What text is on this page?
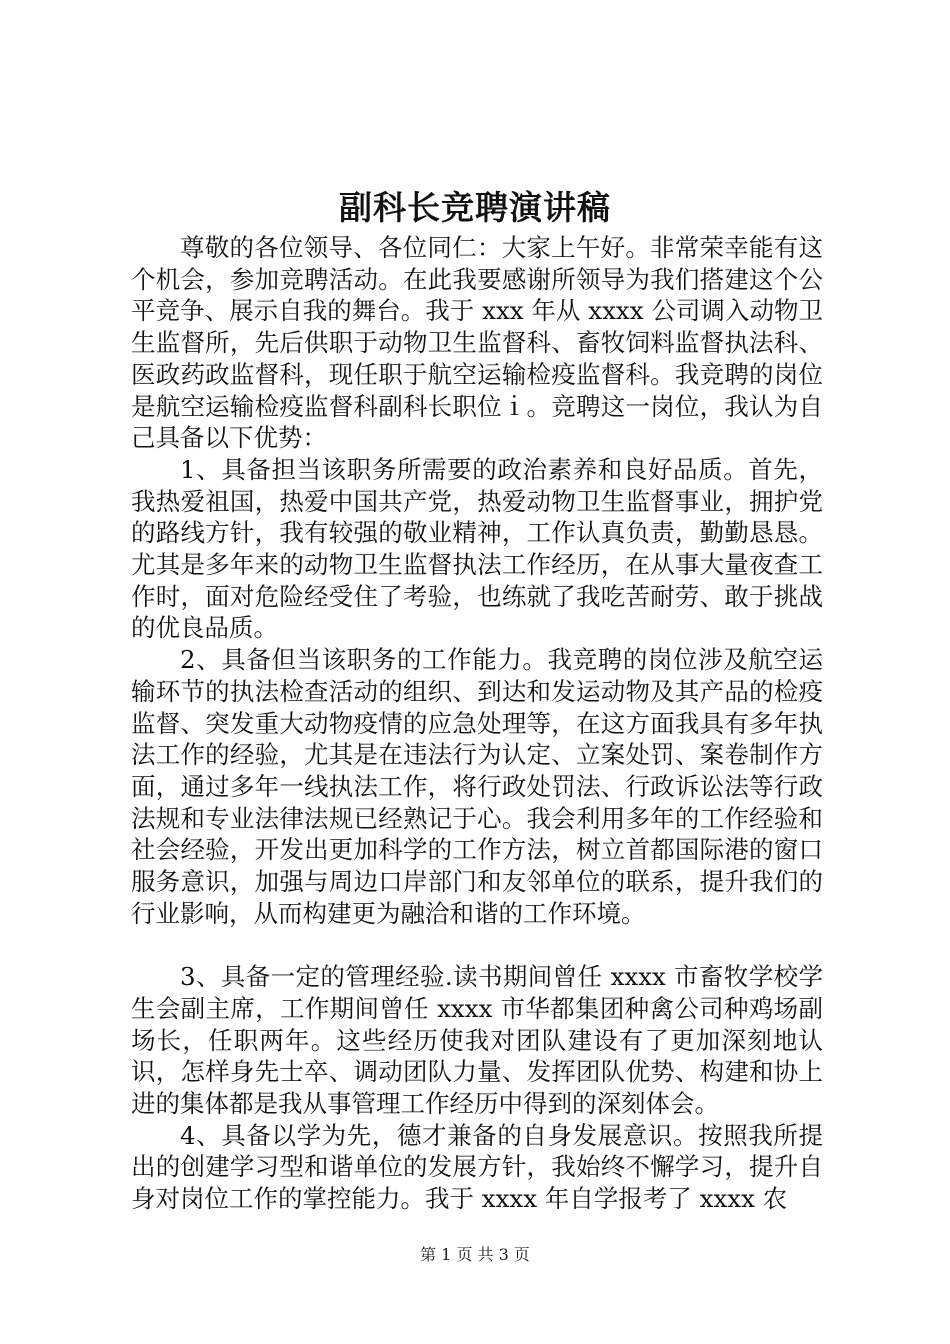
副科长竞聘演讲稿

尊敬的各位领导、各位同仁：大家上午好。非常荣幸能有这个机会，参加竞聘活动。在此我要感谢所领导为我们搭建这个公平竞争、展示自我的舞台。我于 xxx 年从 xxxx 公司调入动物卫生监督所，先后供职于动物卫生监督科、畜牧饲料监督执法科、医政药政监督科，现任职于航空运输检疫监督科。我竞聘的岗位是航空运输检疫监督科副科长职位ｉ。竞聘这一岗位，我认为自己具备以下优势：

1、具备担当该职务所需要的政治素养和良好品质。首先，我热爱祖国，热爱中国共产党，热爱动物卫生监督事业，拥护党的路线方针，我有较强的敬业精神，工作认真负责，勤勤恳恳。尤其是多年来的动物卫生监督执法工作经历，在从事大量夜查工作时，面对危险经受住了考验，也练就了我吃苦耐劳、敢于挑战的优良品质。

2、具备但当该职务的工作能力。我竞聘的岗位涉及航空运输环节的执法检查活动的组织、到达和发运动物及其产品的检疫监督、突发重大动物疫情的应急处理等，在这方面我具有多年执法工作的经验，尤其是在违法行为认定、立案处罚、案卷制作方面，通过多年一线执法工作，将行政处罚法、行政诉讼法等行政法规和专业法律法规已经熟记于心。我会利用多年的工作经验和社会经验，开发出更加科学的工作方法，树立首都国际港的窗口服务意识，加强与周边口岸部门和友邻单位的联系，提升我们的行业影响，从而构建更为融洽和谐的工作环境。

3、具备一定的管理经验.读书期间曾任 xxxx 市畜牧学校学生会副主席，工作期间曾任 xxxx 市华都集团种禽公司种鸡场副场长，任职两年。这些经历使我对团队建设有了更加深刻地认识，怎样身先士卒、调动团队力量、发挥团队优势、构建和协上进的集体都是我从事管理工作经历中得到的深刻体会。

4、具备以学为先，德才兼备的自身发展意识。按照我所提出的创建学习型和谐单位的发展方针，我始终不懈学习，提升自身对岗位工作的掌控能力。我于 xxxx 年自学报考了 xxxx 农

第 1 页 共 3 页
